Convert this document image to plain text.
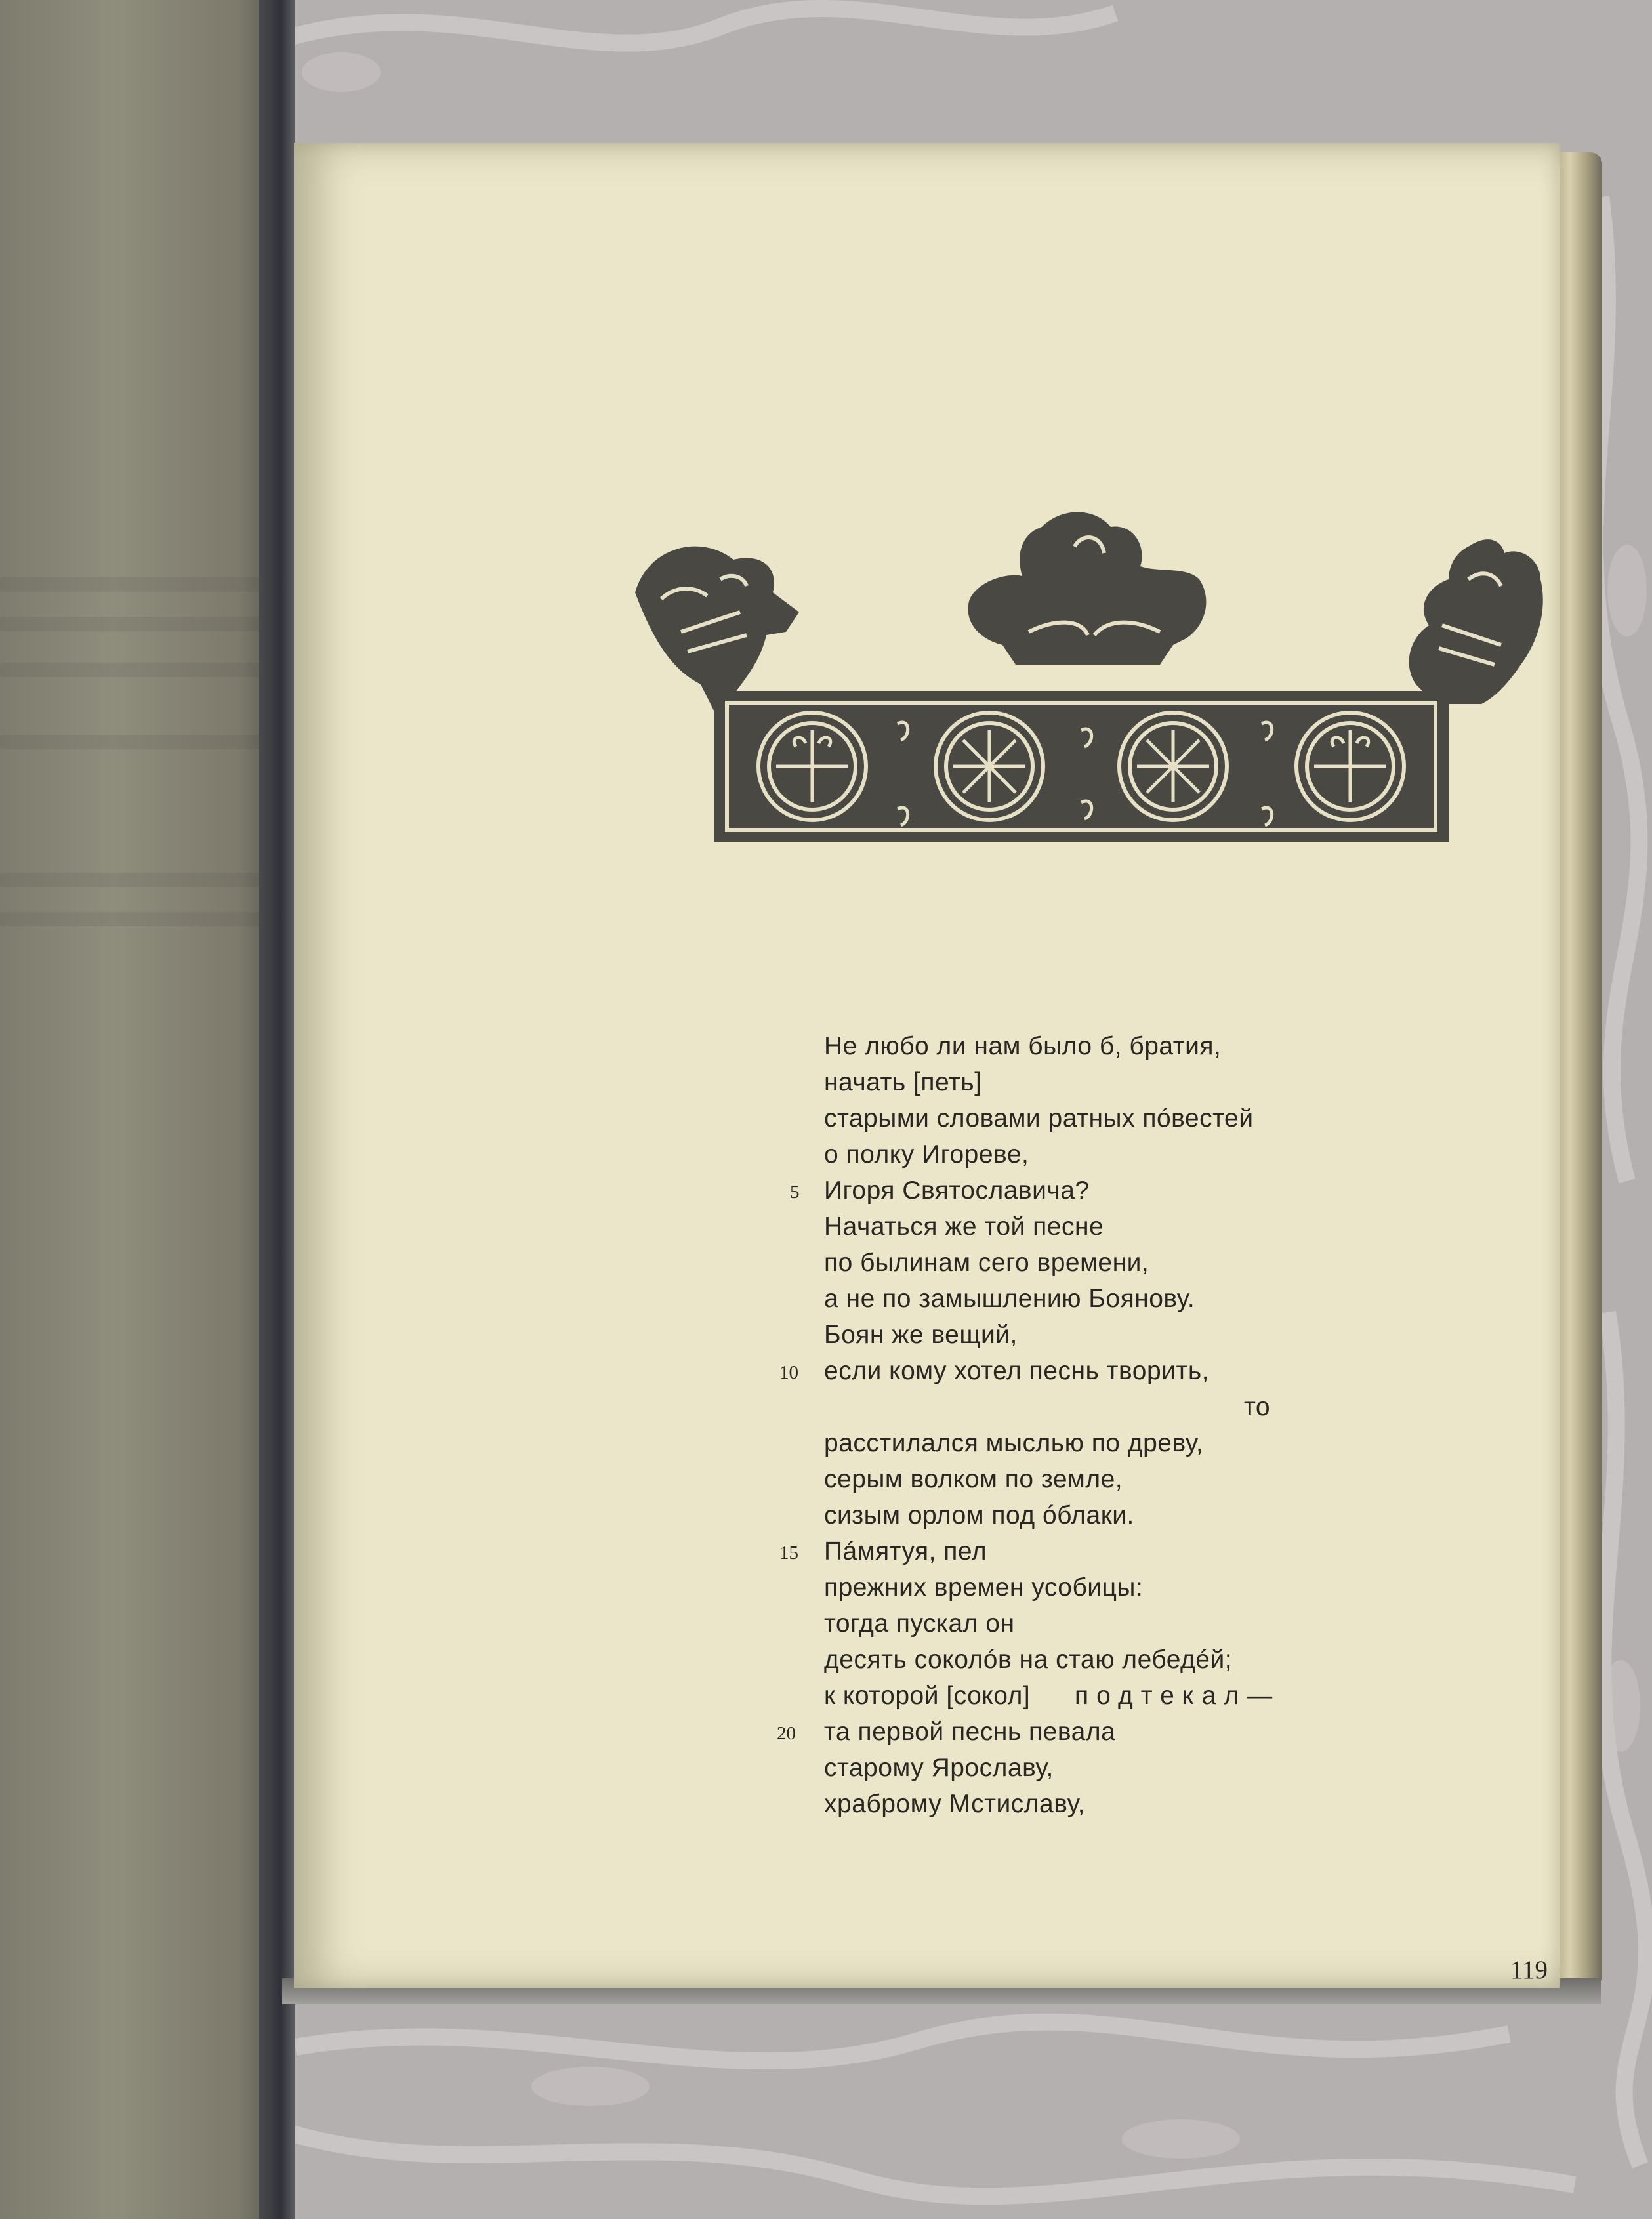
Не любо ли нам было б, братия,
начать [петь]
старыми словами ратных пóвестей
о полку Игореве,
Игоря Святославича?
Начаться же той песне
по былинам сего времени,
а не по замышлению Боянову.
Боян же вещий,
если кому хотел песнь творить,
то
расстилался мыслью по древу,
серым волком по земле,
сизым орлом под óблаки.
Пáмятуя, пел
прежних времен усобицы:
тогда пускал он
десять соколóв на стаю лебедéй;
к которой [сокол] подтекал—
та первой песнь певала
старому Ярославу,
храброму Мстиславу,
5
10
15
20
119
